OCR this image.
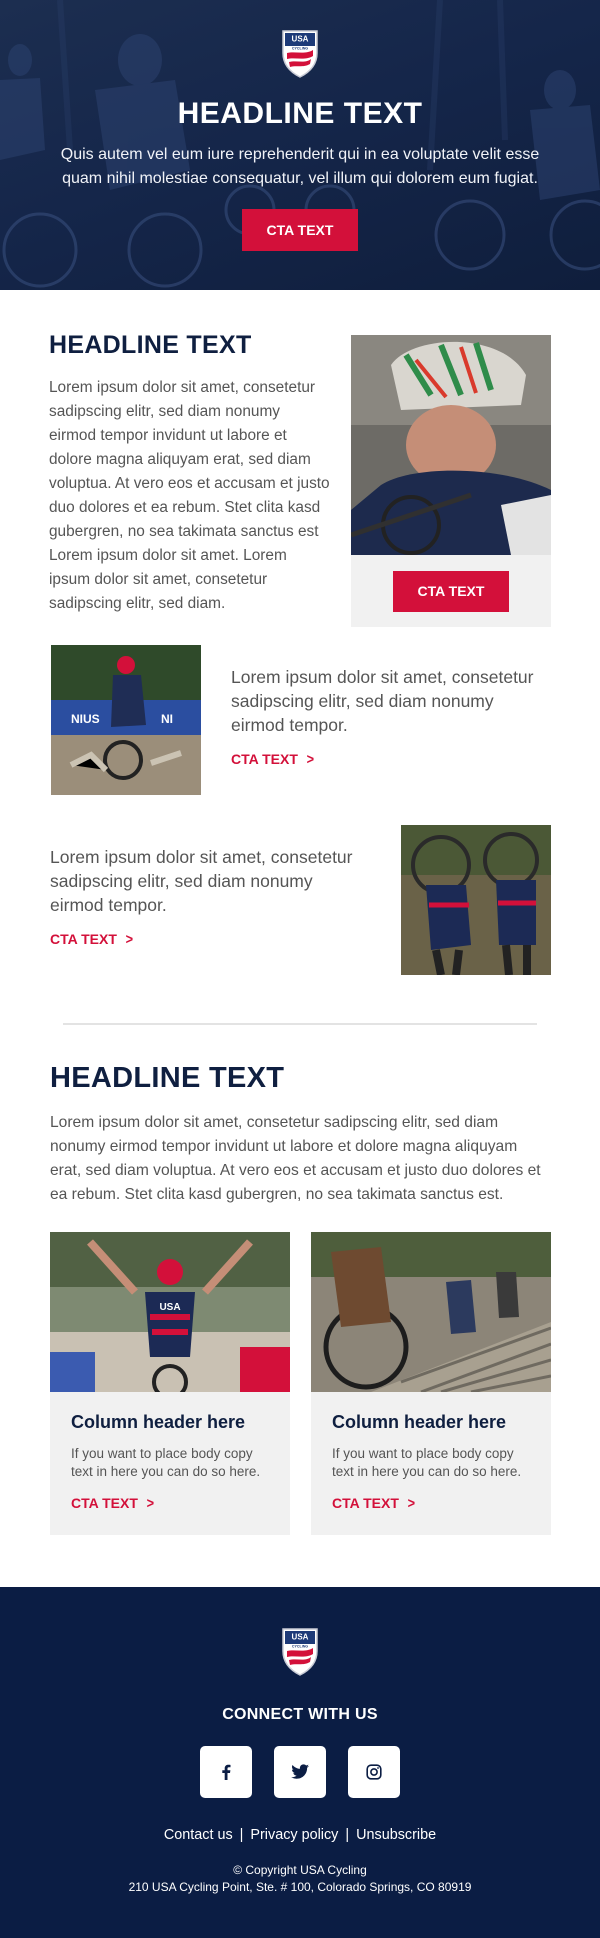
USA
CYCLING
HEADLINE TEXT
Quis autem vel eum iure reprehenderit qui in ea voluptate velit esse quam nihil molestiae consequatur, vel illum qui dolorem eum fugiat.
CTA TEXT
HEADLINE TEXT

Lorem ipsum dolor sit amet, consetetur sadipscing elitr, sed diam nonumy eirmod tempor invidunt ut labore et dolore magna aliquyam erat, sed diam voluptua. At vero eos et accusam et justo duo dolores et ea rebum. Stet clita kasd gubergren, no sea takimata sanctus est Lorem ipsum dolor sit amet. Lorem ipsum dolor sit amet, consetetur sadipscing elitr, sed diam.

CTA TEXT
NIUS	NI

Lorem ipsum dolor sit amet, consetetur sadipscing elitr, sed diam nonumy eirmod tempor.

CTA TEXT >

Lorem ipsum dolor sit amet, consetetur sadipscing elitr, sed diam nonumy eirmod tempor.

CTA TEXT >
HEADLINE TEXT

Lorem ipsum dolor sit amet, consetetur sadipscing elitr, sed diam nonumy eirmod tempor invidunt ut labore et dolore magna aliquyam erat, sed diam voluptua. At vero eos et accusam et justo duo dolores et ea rebum. Stet clita kasd gubergren, no sea takimata sanctus est.

USA
Column header here

If you want to place body copy text in here you can do so here.

CTA TEXT >
Column header here

If you want to place body copy text in here you can do so here.

CTA TEXT >
USA
CYCLING
CONNECT WITH US

Contact us | Privacy policy | Unsubscribe
© Copyright USA Cycling
210 USA Cycling Point, Ste. # 100, Colorado Springs, CO 80919
